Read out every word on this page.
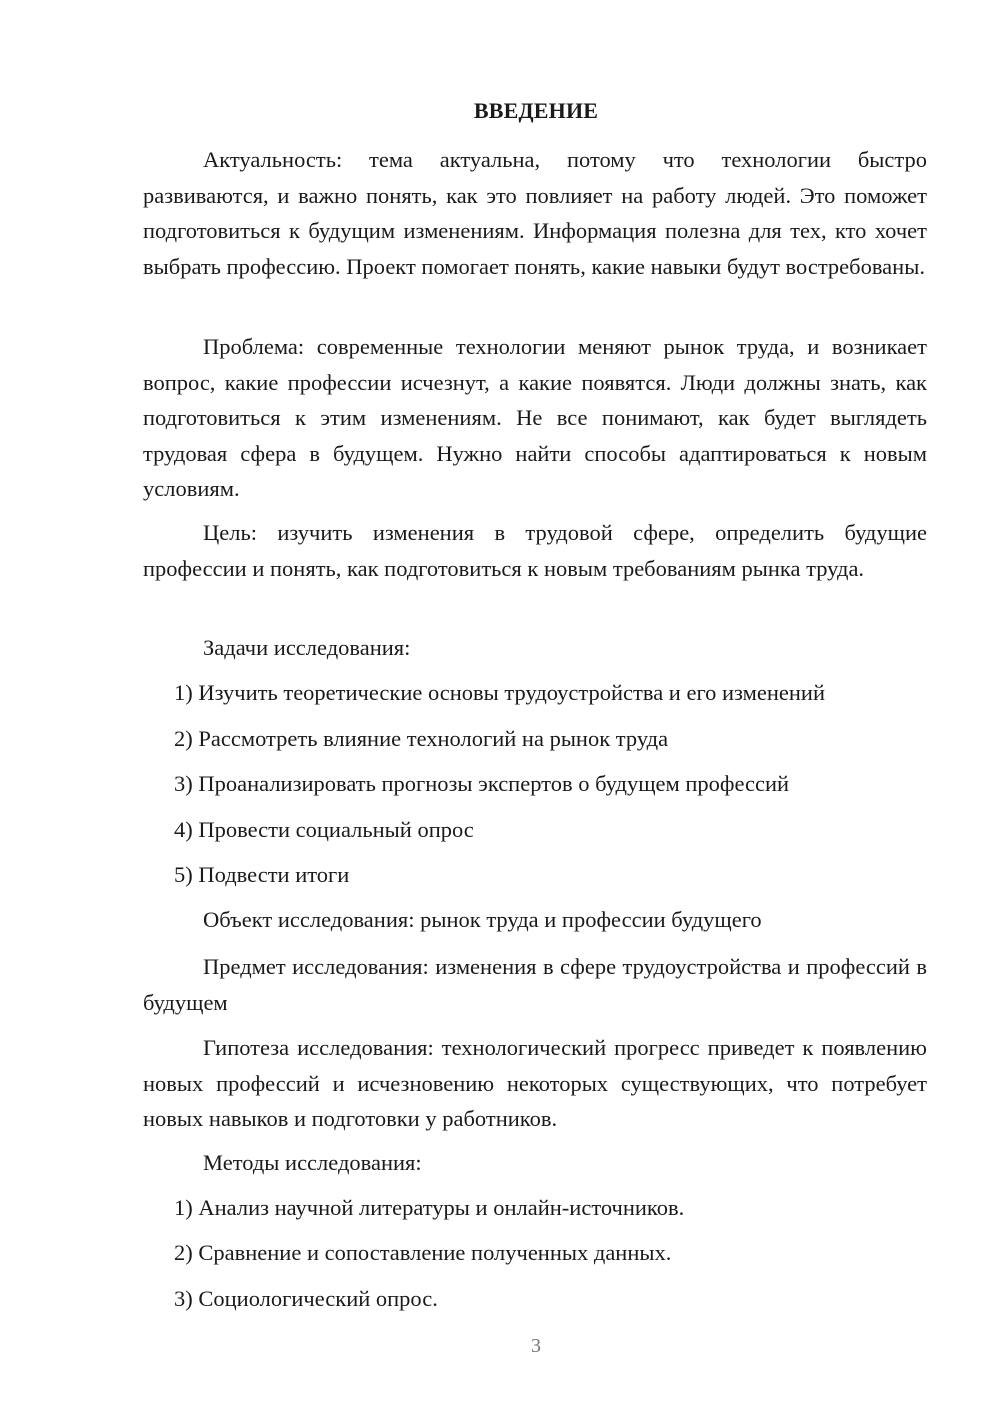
ВВЕДЕНИЕ

Актуальность: тема актуальна, потому что технологии быстро развиваются, и важно понять, как это повлияет на работу людей. Это поможет подготовиться к будущим изменениям. Информация полезна для тех, кто хочет выбрать профессию. Проект помогает понять, какие навыки будут востребованы.

Проблема: современные технологии меняют рынок труда, и возникает вопрос, какие профессии исчезнут, а какие появятся. Люди должны знать, как подготовиться к этим изменениям. Не все понимают, как будет выглядеть трудовая сфера в будущем. Нужно найти способы адаптироваться к новым условиям.

Цель: изучить изменения в трудовой сфере, определить будущие профессии и понять, как подготовиться к новым требованиям рынка труда.

Задачи исследования:

1) Изучить теоретические основы трудоустройства и его изменений

2) Рассмотреть влияние технологий на рынок труда

3) Проанализировать прогнозы экспертов о будущем профессий

4) Провести социальный опрос

5) Подвести итоги

Объект исследования: рынок труда и профессии будущего

Предмет исследования: изменения в сфере трудоустройства и профессий в будущем

Гипотеза исследования: технологический прогресс приведет к появлению новых профессий и исчезновению некоторых существующих, что потребует новых навыков и подготовки у работников.

Методы исследования:

1) Анализ научной литературы и онлайн-источников.

2) Сравнение и сопоставление полученных данных.

3) Социологический опрос.

3
